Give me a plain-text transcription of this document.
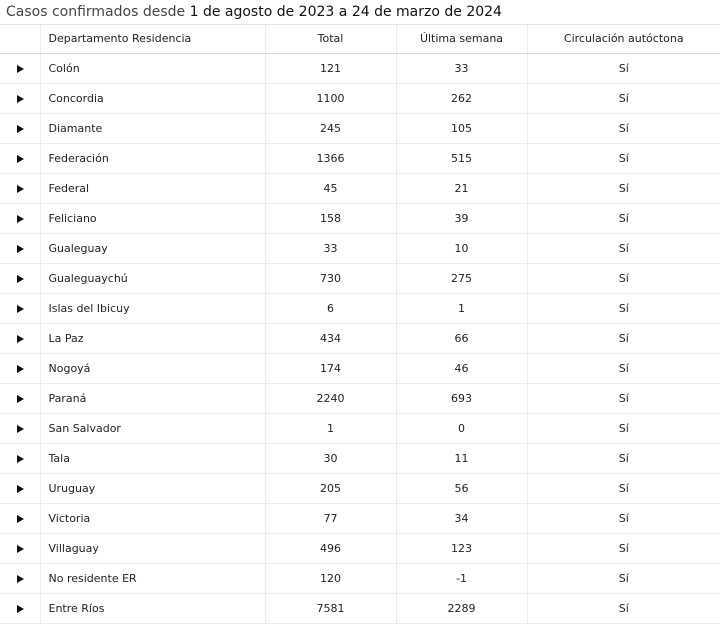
Casos confirmados desde 1 de agosto de 2023 a 24 de marzo de 2024
	Departamento Residencia	Total	Última semana	Circulación autóctona
	Colón	121	33	Sí
	Concordia	1100	262	Sí
	Diamante	245	105	Sí
	Federación	1366	515	Sí
	Federal	45	21	Sí
	Feliciano	158	39	Sí
	Gualeguay	33	10	Sí
	Gualeguaychú	730	275	Sí
	Islas del Ibicuy	6	1	Sí
	La Paz	434	66	Sí
	Nogoyá	174	46	Sí
	Paraná	2240	693	Sí
	San Salvador	1	0	Sí
	Tala	30	11	Sí
	Uruguay	205	56	Sí
	Victoria	77	34	Sí
	Villaguay	496	123	Sí
	No residente ER	120	-1	Sí
	Entre Ríos	7581	2289	Sí
